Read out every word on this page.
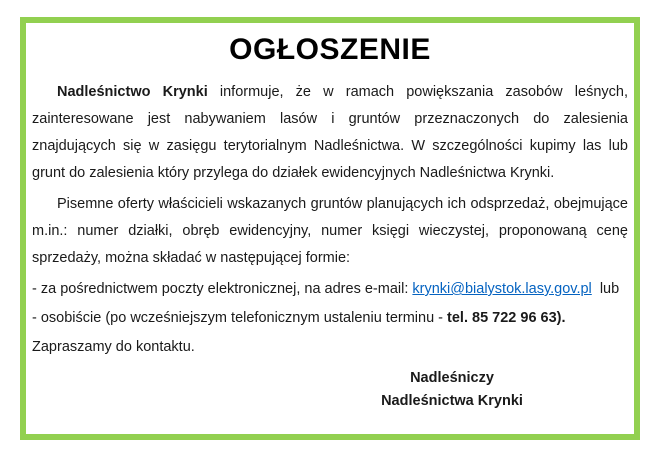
OGŁOSZENIE

Nadleśnictwo Krynki informuje, że w ramach powiększania zasobów leśnych, zainteresowane jest nabywaniem lasów i gruntów przeznaczonych do zalesienia znajdujących się w zasięgu terytorialnym Nadleśnictwa. W szczególności kupimy las lub grunt do zalesienia który przylega do działek ewidencyjnych Nadleśnictwa Krynki.

Pisemne oferty właścicieli wskazanych gruntów planujących ich odsprzedaż, obejmujące m.in.: numer działki, obręb ewidencyjny, numer księgi wieczystej, proponowaną cenę sprzedaży, można składać w następującej formie:

- za pośrednictwem poczty elektronicznej, na adres e-mail: krynki@bialystok.lasy.gov.pl  lub

- osobiście (po wcześniejszym telefonicznym ustaleniu terminu - tel. 85 722 96 63).

Zapraszamy do kontaktu.

Nadleśniczy
Nadleśnictwa Krynki
